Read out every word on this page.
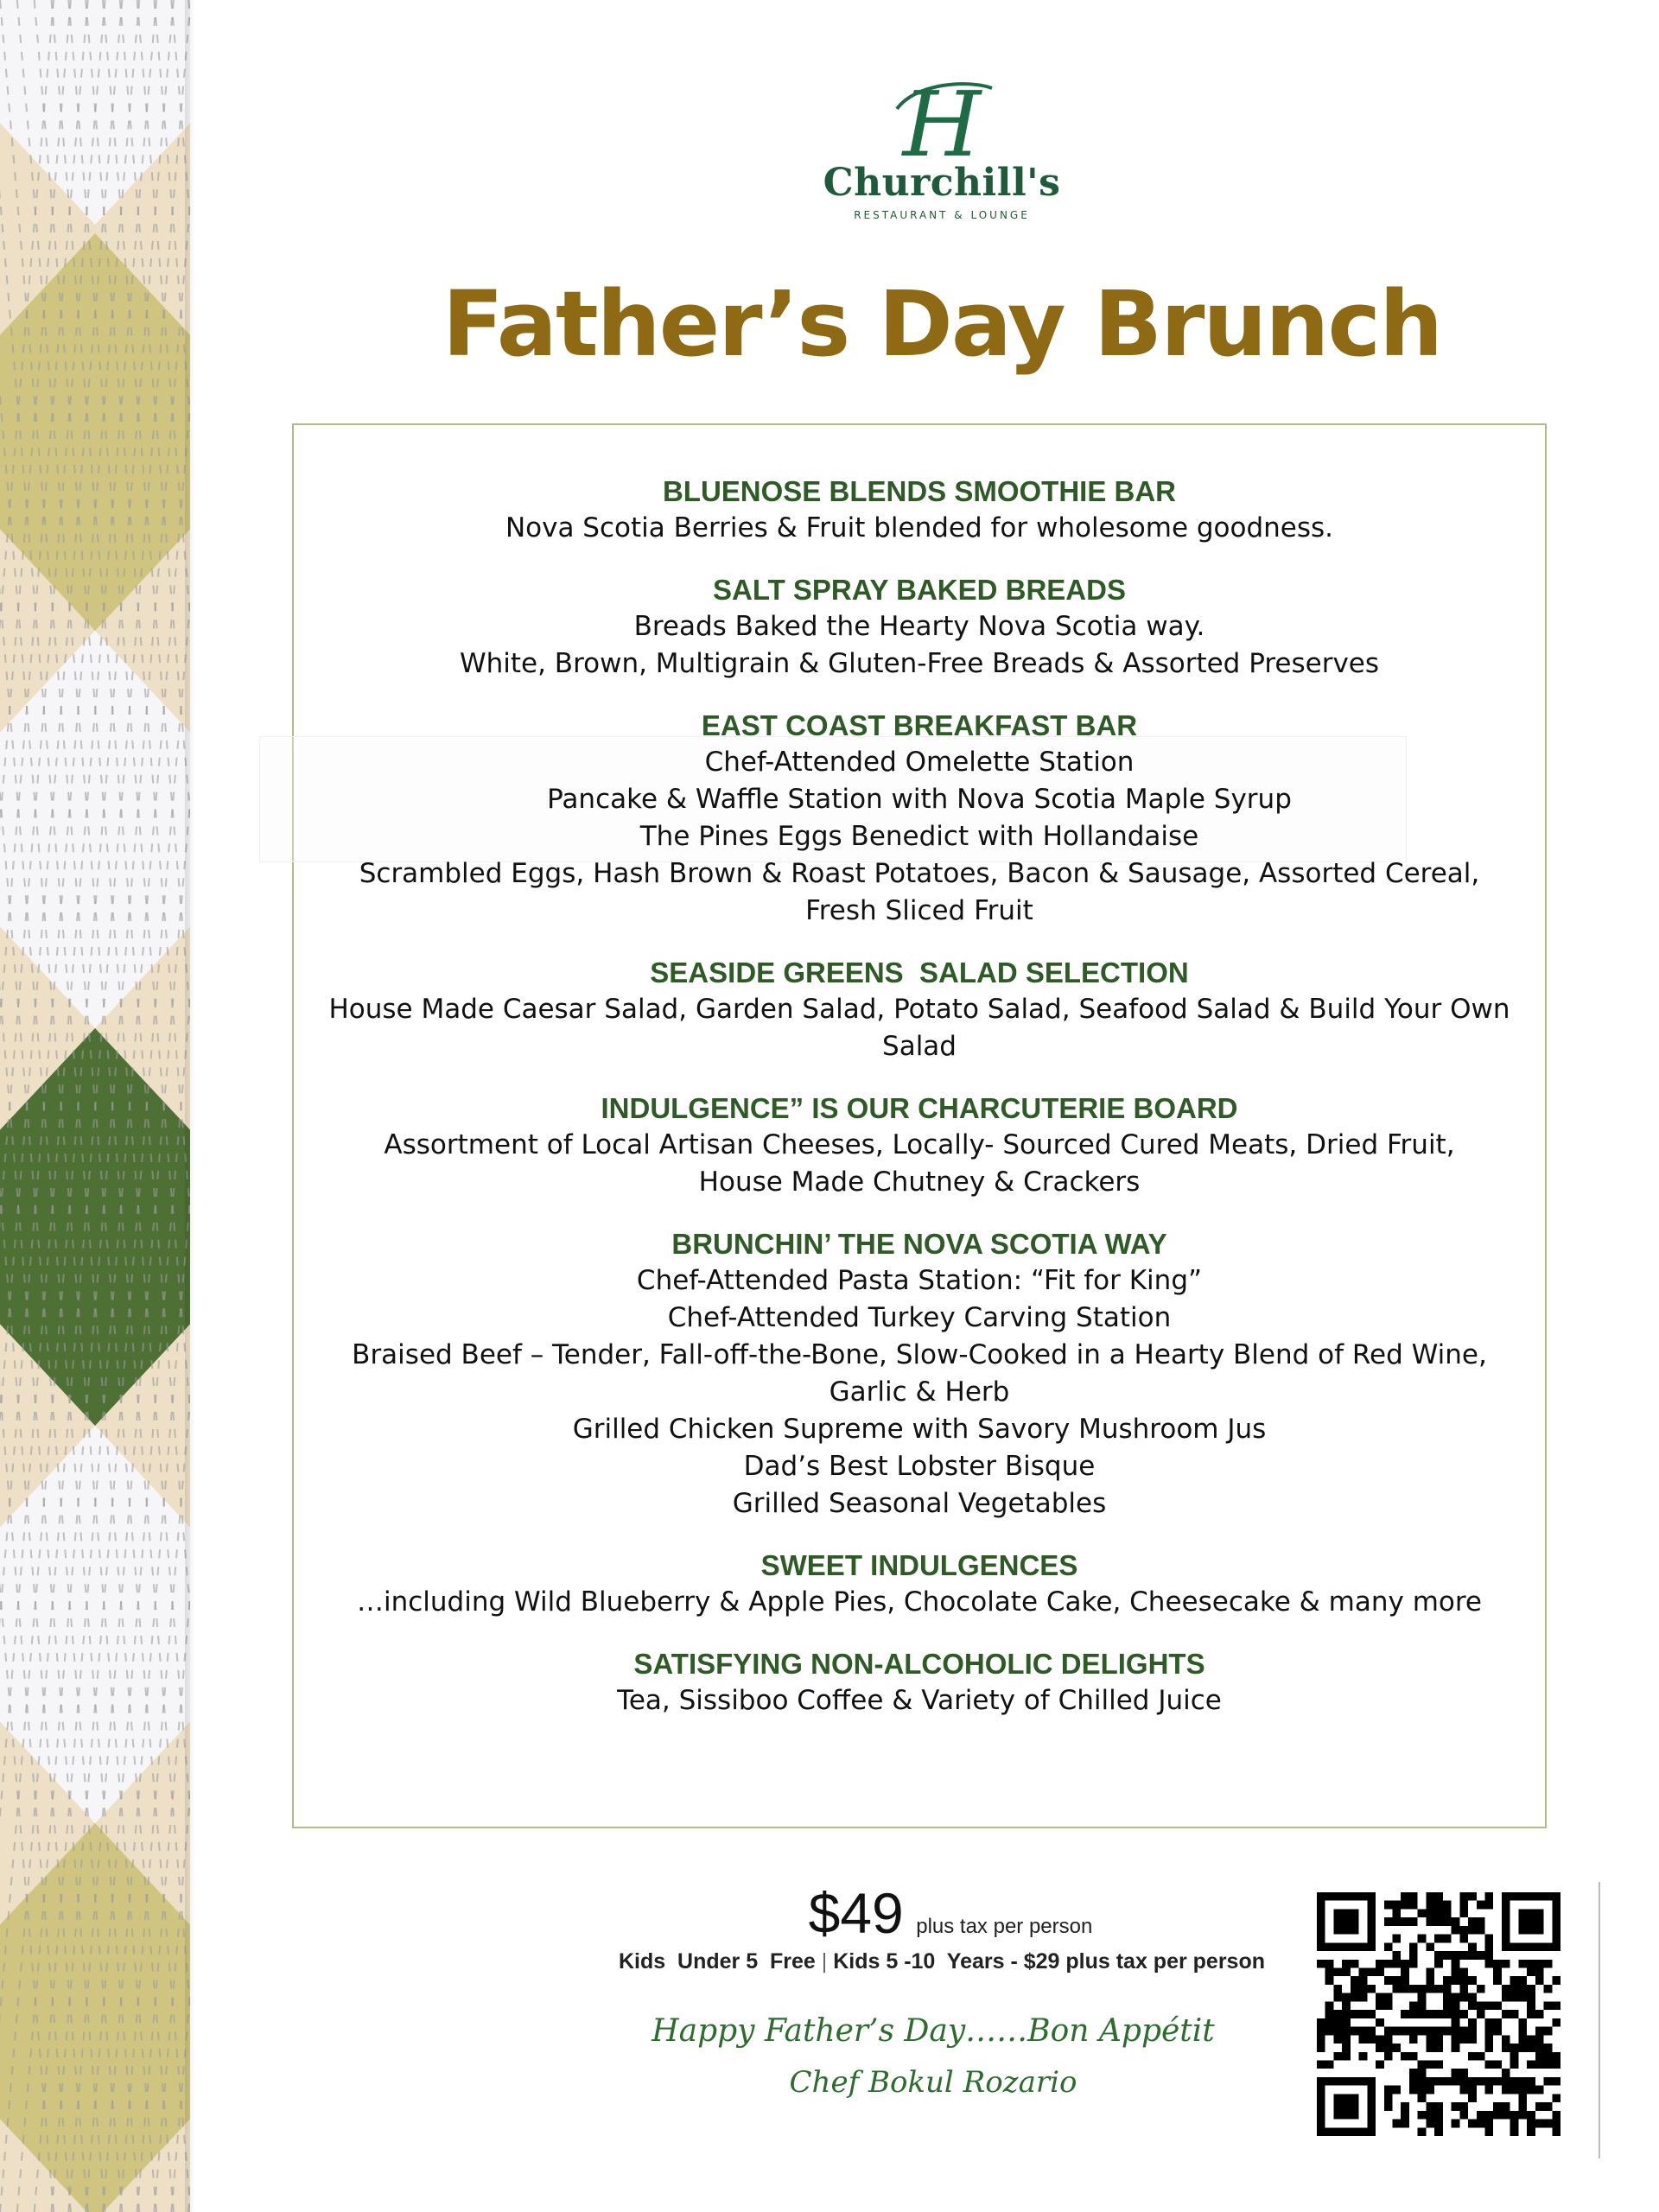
H
Churchill's
RESTAURANT & LOUNGE
Father’s Day Brunch

BLUENOSE BLENDS SMOOTHIE BAR

Nova Scotia Berries & Fruit blended for wholesome goodness.

SALT SPRAY BAKED BREADS

Breads Baked the Hearty Nova Scotia way.

White, Brown, Multigrain & Gluten-Free Breads & Assorted Preserves

EAST COAST BREAKFAST BAR

Chef-Attended Omelette Station

Pancake & Waffle Station with Nova Scotia Maple Syrup

The Pines Eggs Benedict with Hollandaise

Scrambled Eggs, Hash Brown & Roast Potatoes, Bacon & Sausage, Assorted Cereal, Fresh Sliced Fruit

SEASIDE GREENS  SALAD SELECTION

House Made Caesar Salad, Garden Salad, Potato Salad, Seafood Salad & Build Your Own Salad

INDULGENCE” IS OUR CHARCUTERIE BOARD

Assortment of Local Artisan Cheeses, Locally- Sourced Cured Meats, Dried Fruit, House Made Chutney & Crackers

BRUNCHIN’ THE NOVA SCOTIA WAY

Chef-Attended Pasta Station: “Fit for King”

Chef-Attended Turkey Carving Station

Braised Beef – Tender, Fall-off-the-Bone, Slow-Cooked in a Hearty Blend of Red Wine, Garlic & Herb

Grilled Chicken Supreme with Savory Mushroom Jus

Dad’s Best Lobster Bisque

Grilled Seasonal Vegetables

SWEET INDULGENCES

…including Wild Blueberry & Apple Pies, Chocolate Cake, Cheesecake & many more

SATISFYING NON-ALCOHOLIC DELIGHTS

Tea, Sissiboo Coffee & Variety of Chilled Juice

$49 plus tax per person
Kids  Under 5  Free | Kids 5 -10  Years - $29 plus tax per person
Happy Father’s Day……Bon Appétit
Chef Bokul Rozario
